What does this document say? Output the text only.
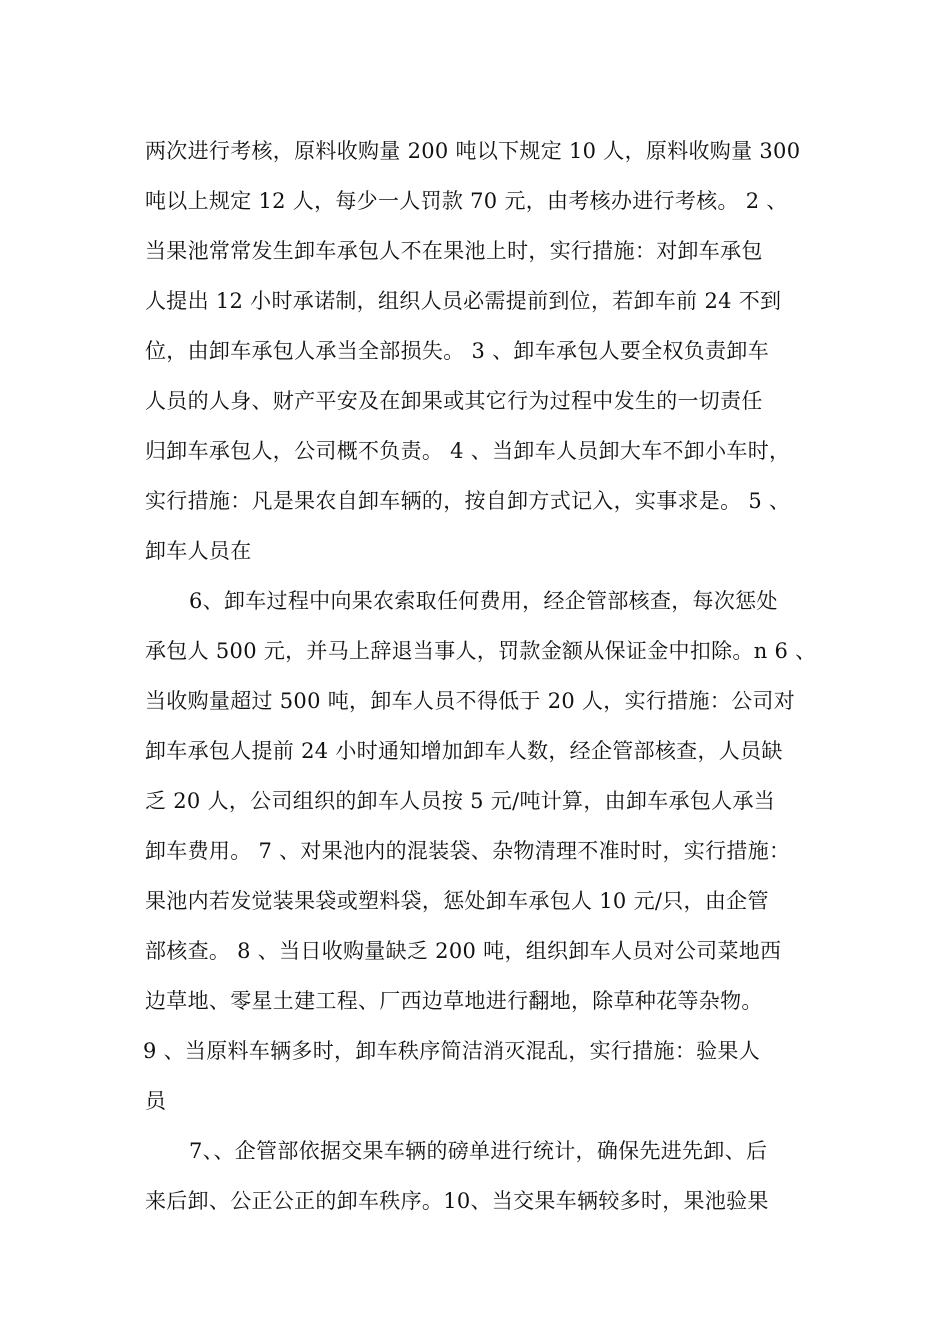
两次进行考核，原料收购量 200 吨以下规定 10 人，原料收购量 300
吨以上规定 12 人，每少一人罚款 70 元，由考核办进行考核。 2 、
当果池常常发生卸车承包人不在果池上时，实行措施：对卸车承包
人提出 12 小时承诺制，组织人员必需提前到位，若卸车前 24 不到
位，由卸车承包人承当全部损失。 3 、卸车承包人要全权负责卸车
人员的人身、财产平安及在卸果或其它行为过程中发生的一切责任
归卸车承包人，公司概不负责。 4 、当卸车人员卸大车不卸小车时，
实行措施：凡是果农自卸车辆的，按自卸方式记入，实事求是。 5 、
卸车人员在
6、卸车过程中向果农索取任何费用，经企管部核查，每次惩处
承包人 500 元，并马上辞退当事人，罚款金额从保证金中扣除。n 6 、
当收购量超过 500 吨，卸车人员不得低于 20 人，实行措施：公司对
卸车承包人提前 24 小时通知增加卸车人数，经企管部核查，人员缺
乏 20 人，公司组织的卸车人员按 5 元/吨计算，由卸车承包人承当
卸车费用。 7 、对果池内的混装袋、杂物清理不准时时，实行措施：
果池内若发觉装果袋或塑料袋，惩处卸车承包人 10 元/只，由企管
部核查。 8 、当日收购量缺乏 200 吨，组织卸车人员对公司菜地西
边草地、零星土建工程、厂西边草地进行翻地，除草种花等杂物。
9 、当原料车辆多时，卸车秩序简洁消灭混乱，实行措施：验果人
员
7、、企管部依据交果车辆的磅单进行统计，确保先进先卸、后
来后卸、公正公正的卸车秩序。10、当交果车辆较多时，果池验果
